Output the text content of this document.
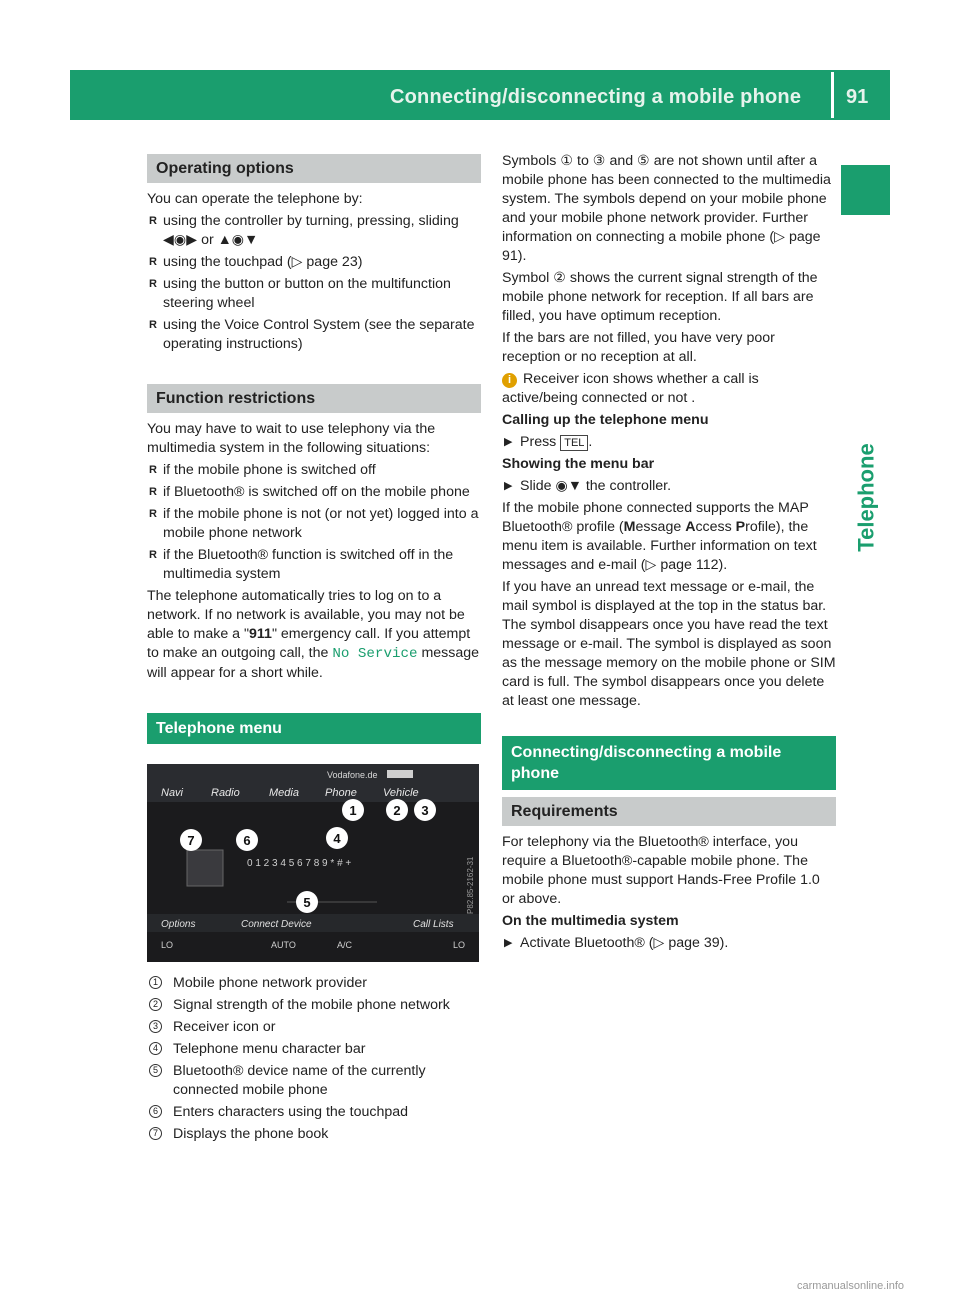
Connecting/disconnecting a mobile phone 91
Telephone
Operating options

You can operate the telephone by:

R using the controller by turning, pressing, sliding ◀◉▶ or ▲◉▼
R using the touchpad (▷ page 23)
R using the button or button on the multifunction steering wheel
R using the Voice Control System (see the separate operating instructions)
Function restrictions

You may have to wait to use telephony via the multimedia system in the following situations:

R if the mobile phone is switched off
R if Bluetooth® is switched off on the mobile phone
R if the mobile phone is not (or not yet) logged into a mobile phone network
R if the Bluetooth® function is switched off in the multimedia system

The telephone automatically tries to log on to a network. If no network is available, you may not be able to make a "911" emergency call. If you attempt to make an outgoing call, the No Service message will appear for a short while.

Telephone menu
Vodafone.de
Navi	Radio	Media Phone Vehicle
0 1 2 3 4 5 6 7 8 9 * # +
Options	Connect Device	Call Lists
LO	AUTO	A/C	LO
P82.85-2162-31
1	2 3
4
5
6
7
1 Mobile phone network provider
2 Signal strength of the mobile phone network
3 Receiver icon or
4 Telephone menu character bar
5 Bluetooth® device name of the currently connected mobile phone
6 Enters characters using the touchpad
7 Displays the phone book

Symbols ① to ③ and ⑤ are not shown until after a mobile phone has been connected to the multimedia system. The symbols depend on your mobile phone and your mobile phone network provider. Further information on connecting a mobile phone (▷ page 91).

Symbol ② shows the current signal strength of the mobile phone network for reception. If all bars are filled, you have optimum reception.

If the bars are not filled, you have very poor reception or no reception at all.

i Receiver icon shows whether a call is active/being connected or not .

Calling up the telephone menu

▶ Press TEL .

Showing the menu bar

▶ Slide ◉▼ the controller.

If the mobile phone connected supports the MAP Bluetooth® profile (Message Access Profile), the menu item is available. Further information on text messages and e-mail (▷ page 112).

If you have an unread text message or e-mail, the mail symbol is displayed at the top in the status bar. The symbol disappears once you have read the text message or e-mail. The symbol is displayed as soon as the message memory on the mobile phone or SIM card is full. The symbol disappears once you delete at least one message.

Connecting/disconnecting a mobile phone
Requirements

For telephony via the Bluetooth® interface, you require a Bluetooth®-capable mobile phone. The mobile phone must support Hands-Free Profile 1.0 or above.

On the multimedia system

▶ Activate Bluetooth® (▷ page 39).
carmanualsonline.info
